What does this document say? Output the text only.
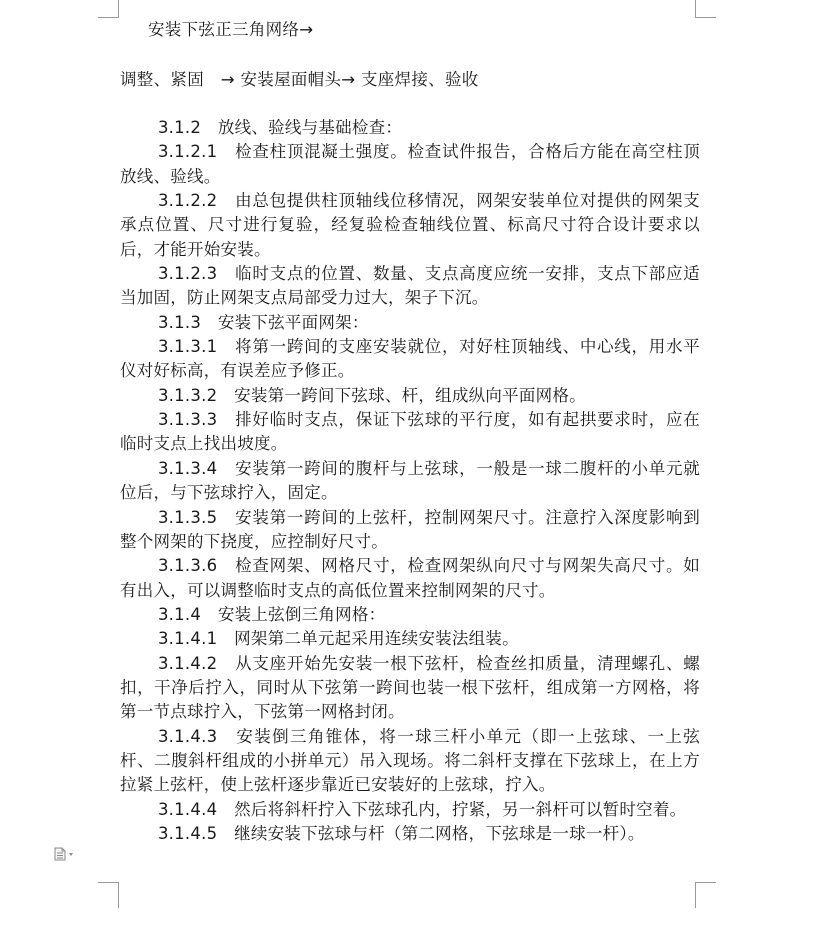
安装下弦正三角网络→
调整、紧固　→ 安装屋面帽头→ 支座焊接、验收

3.1.2　放线、验线与基础检查：

3.1.2.1　检查柱顶混凝土强度。检查试件报告，合格后方能在高空柱顶放线、验线。

3.1.2.2　由总包提供柱顶轴线位移情况，网架安装单位对提供的网架支承点位置、尺寸进行复验，经复验检查轴线位置、标高尺寸符合设计要求以后，才能开始安装。

3.1.2.3　临时支点的位置、数量、支点高度应统一安排，支点下部应适当加固，防止网架支点局部受力过大，架子下沉。

3.1.3　安装下弦平面网架：

3.1.3.1　将第一跨间的支座安装就位，对好柱顶轴线、中心线，用水平仪对好标高，有误差应予修正。

3.1.3.2　安装第一跨间下弦球、杆，组成纵向平面网格。

3.1.3.3　排好临时支点，保证下弦球的平行度，如有起拱要求时，应在临时支点上找出坡度。

3.1.3.4　安装第一跨间的腹杆与上弦球，一般是一球二腹杆的小单元就位后，与下弦球拧入，固定。

3.1.3.5　安装第一跨间的上弦杆，控制网架尺寸。注意拧入深度影响到整个网架的下挠度，应控制好尺寸。

3.1.3.6　检查网架、网格尺寸，检查网架纵向尺寸与网架失高尺寸。如有出入，可以调整临时支点的高低位置来控制网架的尺寸。

3.1.4　安装上弦倒三角网格：

3.1.4.1　网架第二单元起采用连续安装法组装。

3.1.4.2　从支座开始先安装一根下弦杆，检查丝扣质量，清理螺孔、螺扣，干净后拧入，同时从下弦第一跨间也装一根下弦杆，组成第一方网格，将第一节点球拧入，下弦第一网格封闭。

3.1.4.3　安装倒三角锥体，将一球三杆小单元（即一上弦球、一上弦杆、二腹斜杆组成的小拼单元）吊入现场。将二斜杆支撑在下弦球上，在上方拉紧上弦杆，使上弦杆逐步靠近已安装好的上弦球，拧入。

3.1.4.4　然后将斜杆拧入下弦球孔内，拧紧，另一斜杆可以暂时空着。

3.1.4.5　继续安装下弦球与杆（第二网格，下弦球是一球一杆）。
